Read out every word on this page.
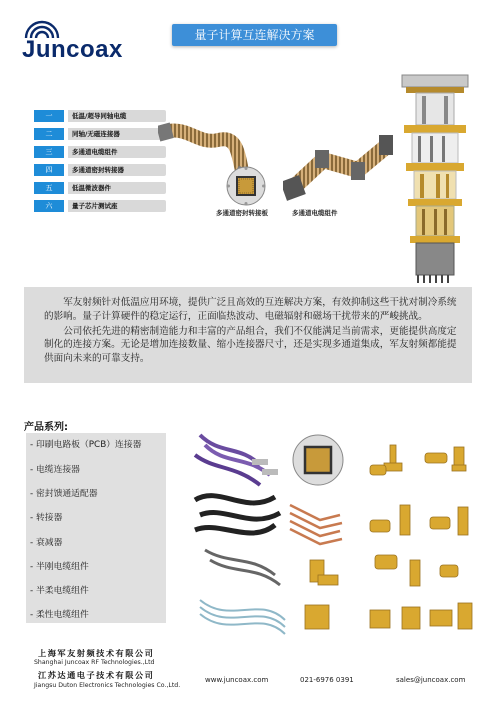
Juncoax
量子计算互连解决方案
一	低温/超导同轴电缆
二	同轴/无磁连接器
三	多通道电缆组件
四	多通道密封转接器
五	低温微波器件
六	量子芯片测试座
多通道密封转接板	多通道电缆组件

军友射频针对低温应用环境，提供广泛且高效的互连解决方案，有效抑制这些干扰对制冷系统的影响。量子计算硬件的稳定运行，正面临热波动、电磁辐射和磁场干扰带来的严峻挑战。

公司依托先进的精密制造能力和丰富的产品组合，我们不仅能满足当前需求，更能提供高度定制化的连接方案。无论是增加连接数量、缩小连接器尺寸，还是实现多通道集成，军友射频都能提供面向未来的可靠支持。

产品系列:
- 印刷电路板（PCB）连接器
- 电缆连接器
- 密封馈通适配器
- 转接器
- 衰减器
- 半刚电缆组件
- 半柔电缆组件
- 柔性电缆组件
上海军友射频技术有限公司
Shanghai Juncoax RF Technologies.,Ltd
江苏达通电子技术有限公司
Jiangsu Duton Electronics Technologies Co.,Ltd.
www.juncoax.com	021-6976 0391	sales@juncoax.com
